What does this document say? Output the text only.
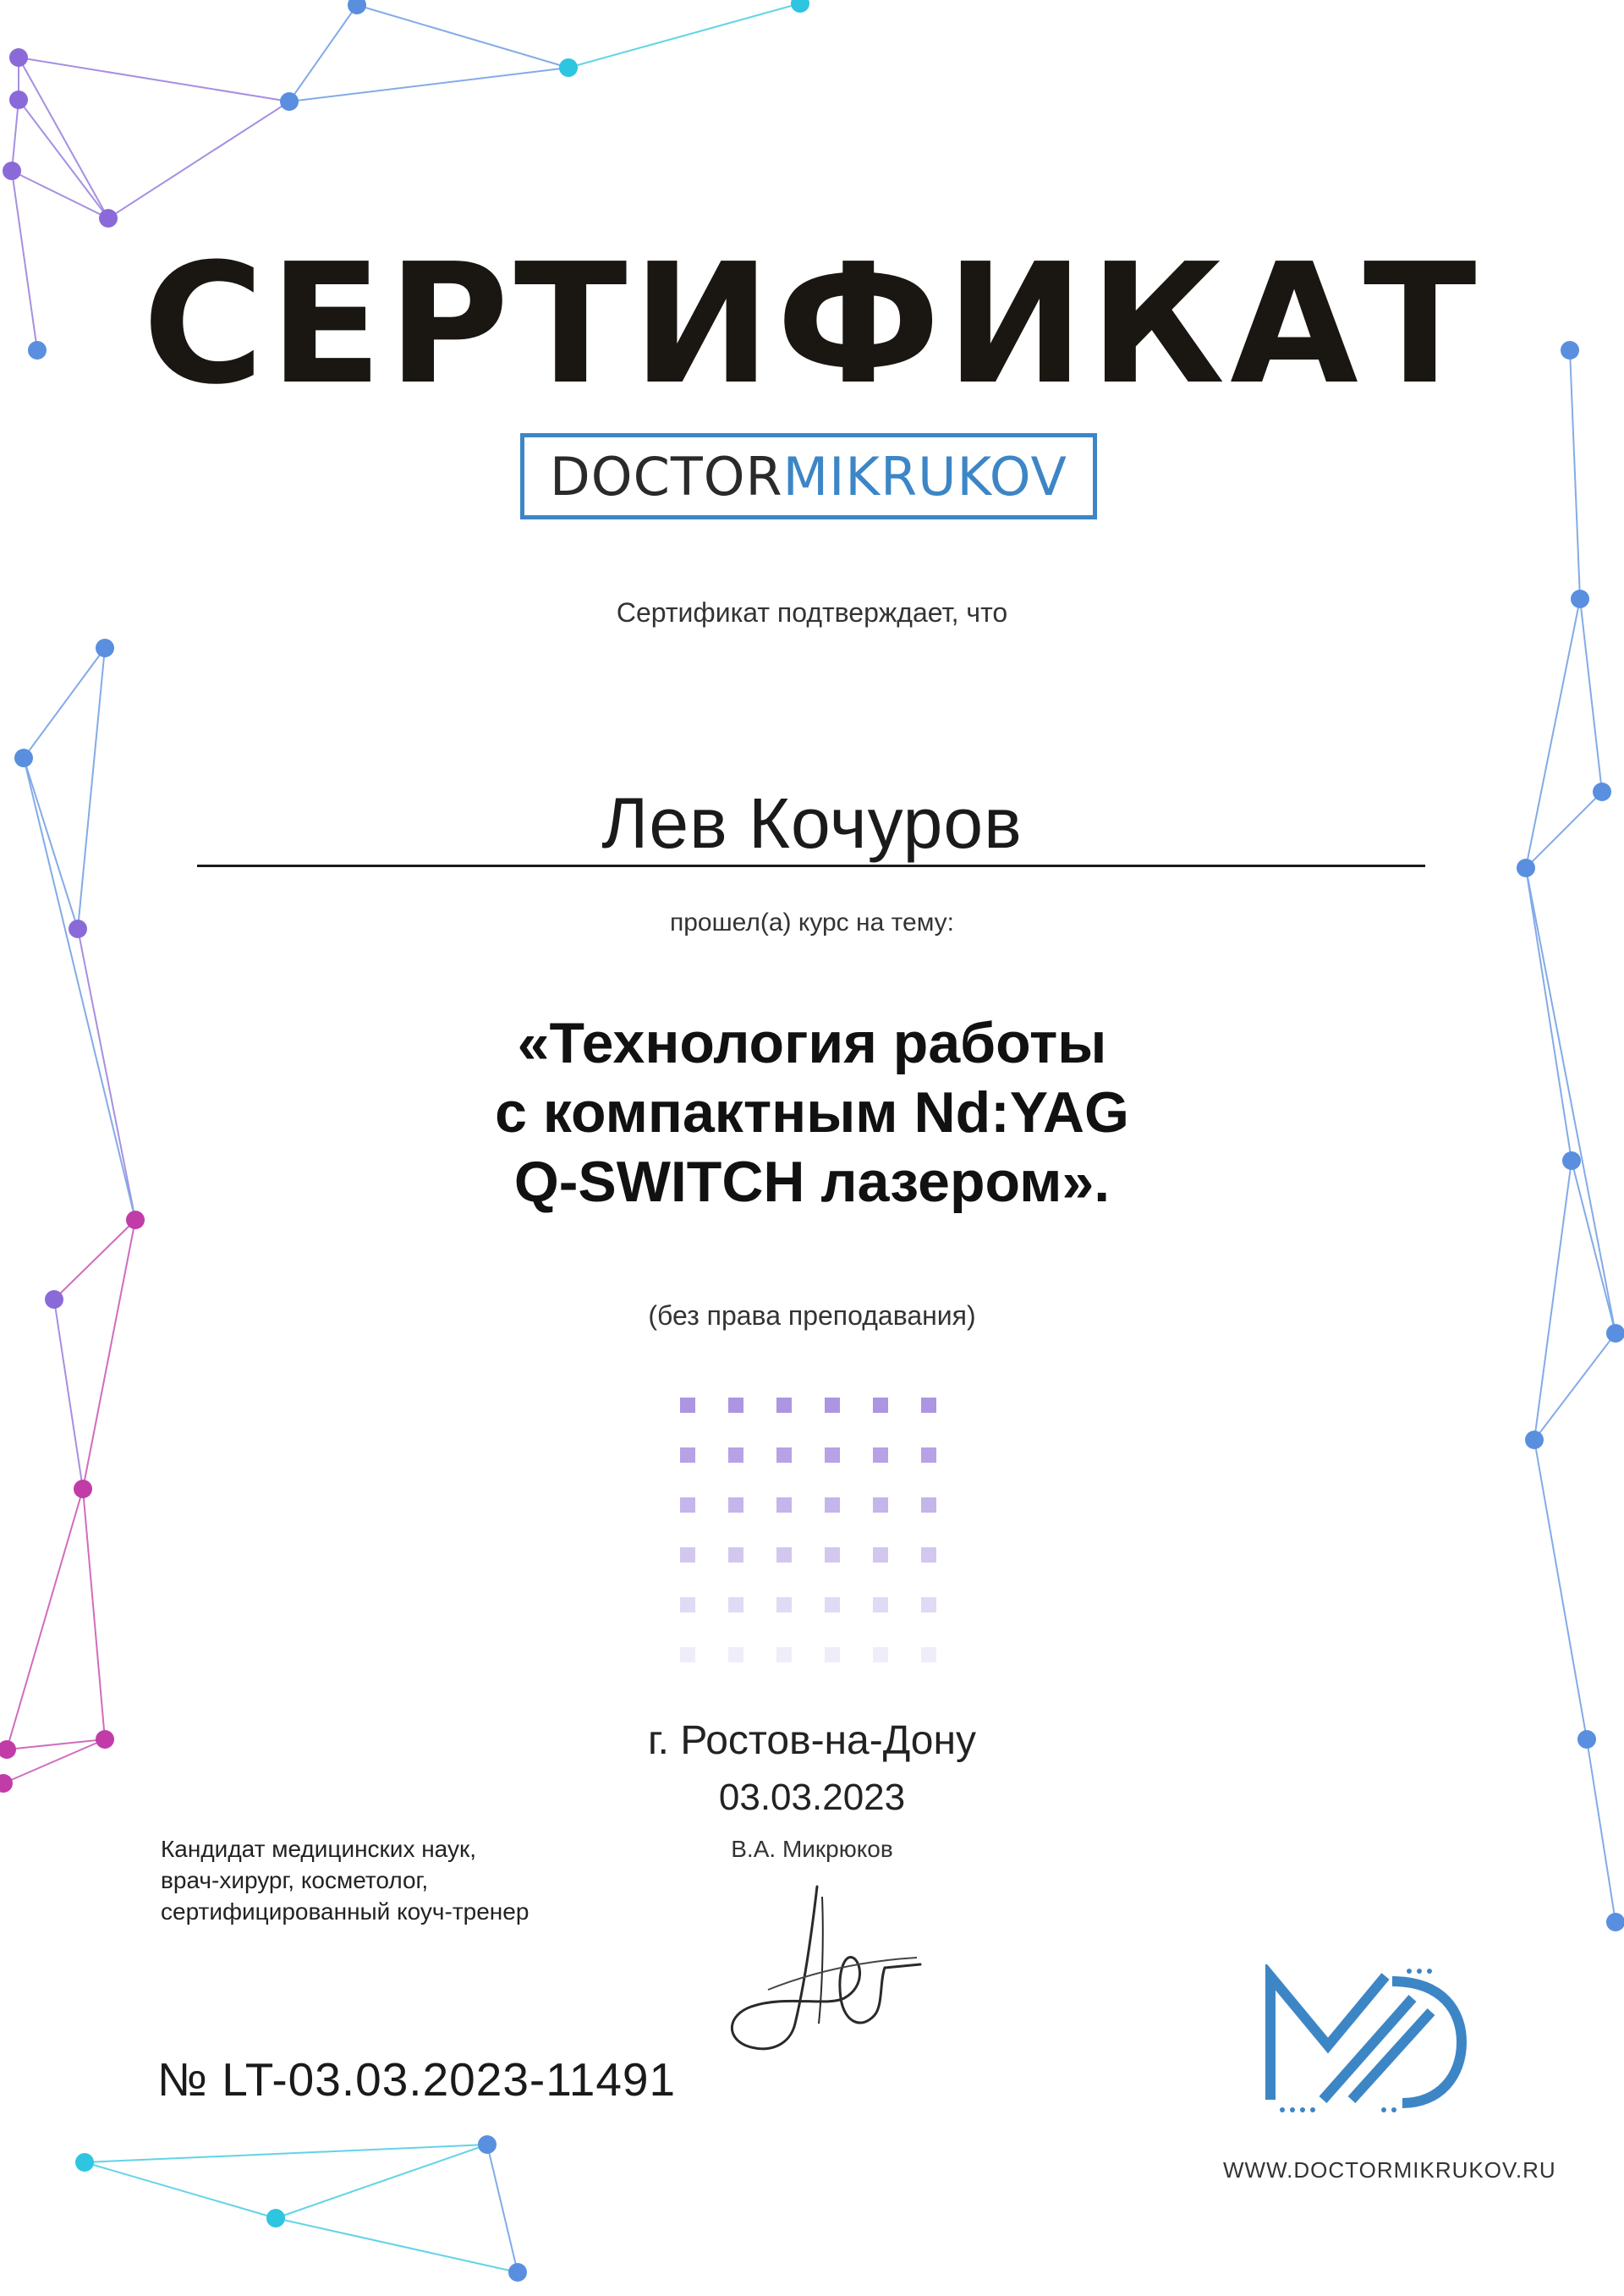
СЕРТИФИКАТ
DOCTOR MIKRUKOV
Сертификат подтверждает, что
Лев Кочуров
прошел(а) курс на тему:
«Технология работы
с компактным Nd:YAG
Q-SWITCH лазером».
(без права преподавания)
г. Ростов-на-Дону
03.03.2023
В.А. Микрюков
Кандидат медицинских наук,
врач-хирург, косметолог,
сертифицированный коуч-тренер
№ LT-03.03.2023-11491
WWW.DOCTORMIKRUKOV.RU
